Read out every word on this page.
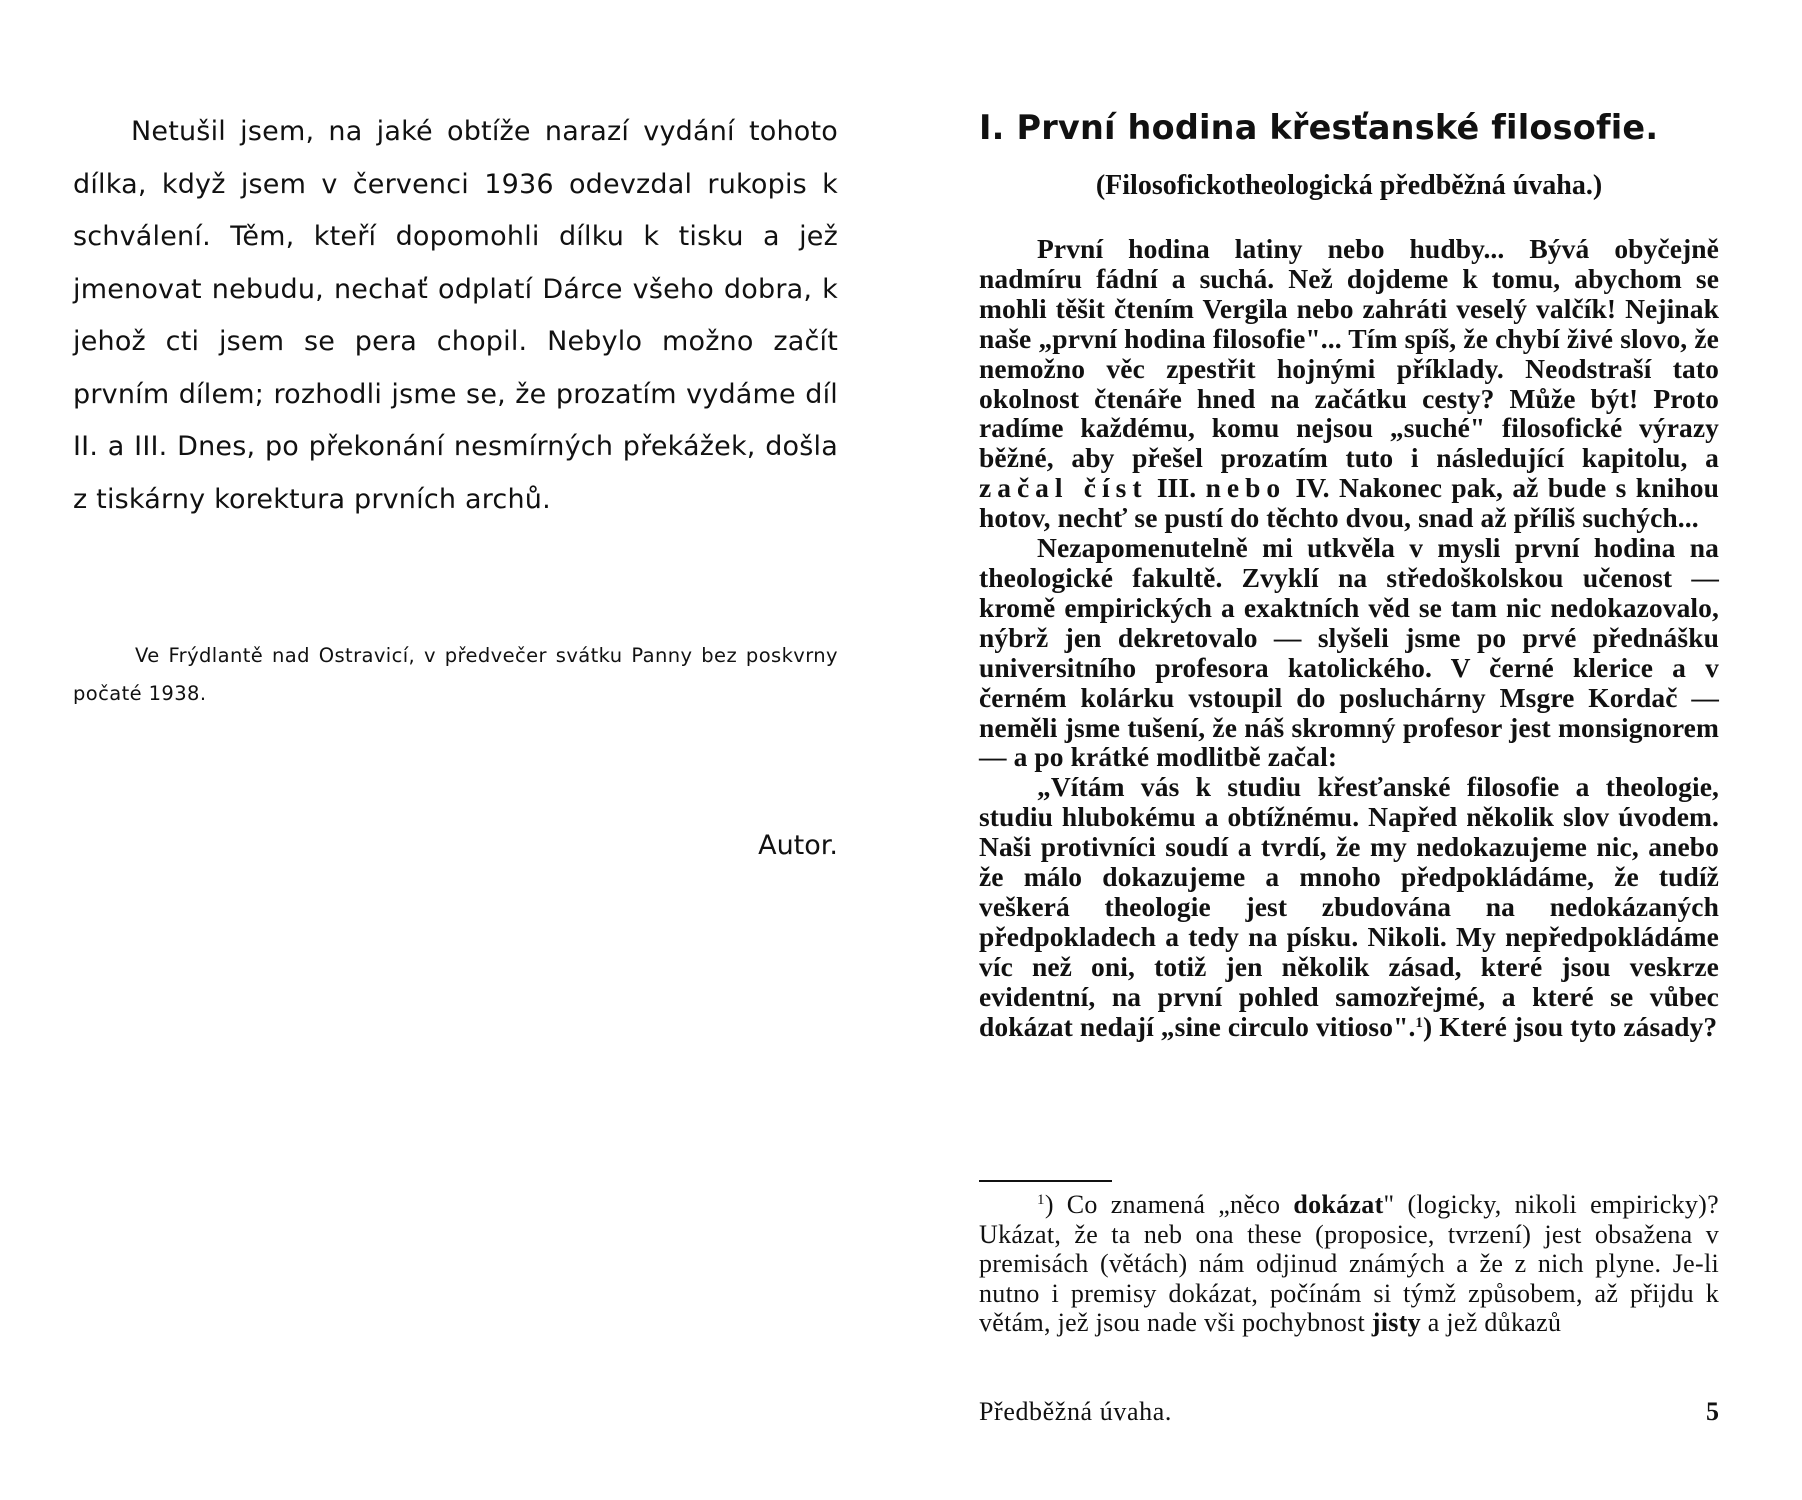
Netušil jsem, na jaké obtíže narazí vydání tohoto dílka, když jsem v červenci 1936 odevzdal rukopis k schválení. Těm, kteří dopomohli dílku k tisku a jež jmenovat nebudu, nechať odplatí Dárce všeho dobra, k jehož cti jsem se pera chopil. Nebylo možno začít prvním dílem; rozhodli jsme se, že prozatím vydáme díl II. a III. Dnes, po překonání nesmírných překážek, došla z tiskárny korektura prvních archů.

Ve Frýdlantě nad Ostravicí, v předvečer svátku Panny bez poskvrny počaté 1938.

Autor.

I. První hodina křesťanské filosofie.
(Filosofickotheologická předběžná úvaha.)

První hodina latiny nebo hudby... Bývá obyčejně nadmíru fádní a suchá. Než dojdeme k tomu, abychom se mohli těšit čtením Vergila nebo zahráti veselý valčík! Nejinak naše „první hodina filosofie"... Tím spíš, že chybí živé slovo, že nemožno věc zpestřit hojnými příklady. Neodstraší tato okolnost čtenáře hned na začátku cesty? Může být! Proto radíme každému, komu nejsou „suché" filosofické výrazy běžné, aby přešel prozatím tuto i následující kapitolu, a začal číst III. nebo IV. Nakonec pak, až bude s knihou hotov, nechť se pustí do těchto dvou, snad až příliš suchých...

Nezapomenutelně mi utkvěla v mysli první hodina na theologické fakultě. Zvyklí na středoškolskou učenost — kromě empirických a exaktních věd se tam nic nedokazovalo, nýbrž jen dekretovalo — slyšeli jsme po prvé přednášku universitního profesora katolického. V černé klerice a v černém kolárku vstoupil do posluchárny Msgre Kordač — neměli jsme tušení, že náš skromný profesor jest monsignorem — a po krátké modlitbě začal:

„Vítám vás k studiu křesťanské filosofie a theologie, studiu hlubokému a obtížnému. Napřed několik slov úvodem. Naši protivníci soudí a tvrdí, že my nedokazujeme nic, anebo že málo dokazujeme a mnoho předpokládáme, že tudíž veškerá theologie jest zbudována na nedokázaných předpokladech a tedy na písku. Nikoli. My nepředpokládáme víc než oni, totiž jen několik zásad, které jsou veskrze evidentní, na první pohled samozřejmé, a které se vůbec dokázat nedají „sine circulo vitioso".$^1$) Které jsou tyto zásady?

$^1$) Co znamená „něco dokázat" (logicky, nikoli empiricky)? Ukázat, že ta neb ona these (proposice, tvrzení) jest obsažena v premisách (větách) nám odjinud známých a že z nich plyne. Je-li nutno i premisy dokázat, počínám si týmž způsobem, až přijdu k větám, jež jsou nade vši pochybnost jisty a jež důkazů

Předběžná úvaha.	5
